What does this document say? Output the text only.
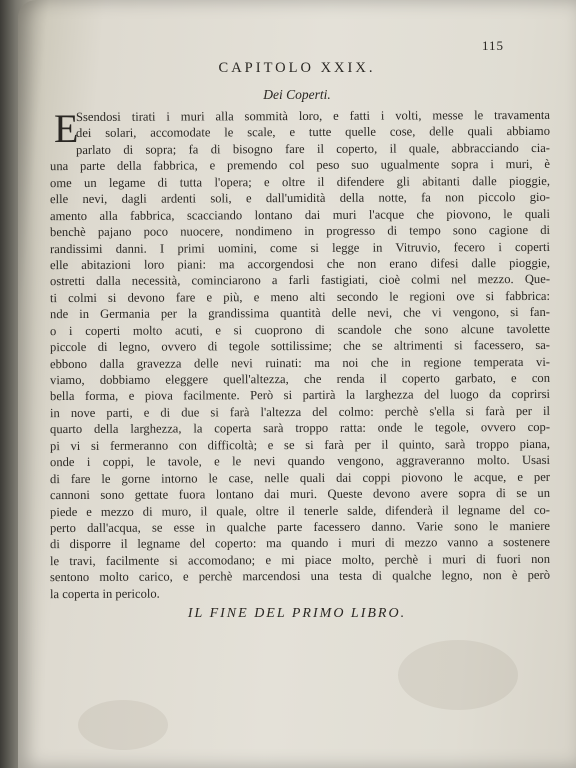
115
CAPITOLO XXIX.
Dei Coperti.
E
Ssendosi tirati i muri alla sommità loro, e fatti i volti, messe le travamenta
dei solari, accomodate le scale, e tutte quelle cose, delle quali abbiamo
parlato di sopra; fa di bisogno fare il coperto, il quale, abbracciando cia-
una parte della fabbrica, e premendo col peso suo ugualmente sopra i muri, è
ome un legame di tutta l'opera; e oltre il difendere gli abitanti dalle pioggie,
elle nevi, dagli ardenti soli, e dall'umidità della notte, fa non piccolo gio-
amento alla fabbrica, scacciando lontano dai muri l'acque che piovono, le quali
benchè pajano poco nuocere, nondimeno in progresso di tempo sono cagione di
randissimi danni. I primi uomini, come si legge in Vitruvio, fecero i coperti
elle abitazioni loro piani: ma accorgendosi che non erano difesi dalle pioggie,
ostretti dalla necessità, cominciarono a farli fastigiati, cioè colmi nel mezzo. Que-
ti colmi si devono fare e più, e meno alti secondo le regioni ove si fabbrica:
nde in Germania per la grandissima quantità delle nevi, che vi vengono, si fan-
o i coperti molto acuti, e si cuoprono di scandole che sono alcune tavolette
piccole di legno, ovvero di tegole sottilissime; che se altrimenti si facessero, sa-
ebbono dalla gravezza delle nevi ruinati: ma noi che in regione temperata vi-
viamo, dobbiamo eleggere quell'altezza, che renda il coperto garbato, e con
bella forma, e piova facilmente. Però si partirà la larghezza del luogo da coprirsi
in nove parti, e di due si farà l'altezza del colmo: perchè s'ella si farà per il
quarto della larghezza, la coperta sarà troppo ratta: onde le tegole, ovvero cop-
pi vi si fermeranno con difficoltà; e se si farà per il quinto, sarà troppo piana,
onde i coppi, le tavole, e le nevi quando vengono, aggraveranno molto. Usasi
di fare le gorne intorno le case, nelle quali dai coppi piovono le acque, e per
cannoni sono gettate fuora lontano dai muri. Queste devono avere sopra di se un
piede e mezzo di muro, il quale, oltre il tenerle salde, difenderà il legname del co-
perto dall'acqua, se esse in qualche parte facessero danno. Varie sono le maniere
di disporre il legname del coperto: ma quando i muri di mezzo vanno a sostenere
le travi, facilmente si accomodano; e mi piace molto, perchè i muri di fuori non
sentono molto carico, e perchè marcendosi una testa di qualche legno, non è però
la coperta in pericolo.
IL FINE DEL PRIMO LIBRO.
